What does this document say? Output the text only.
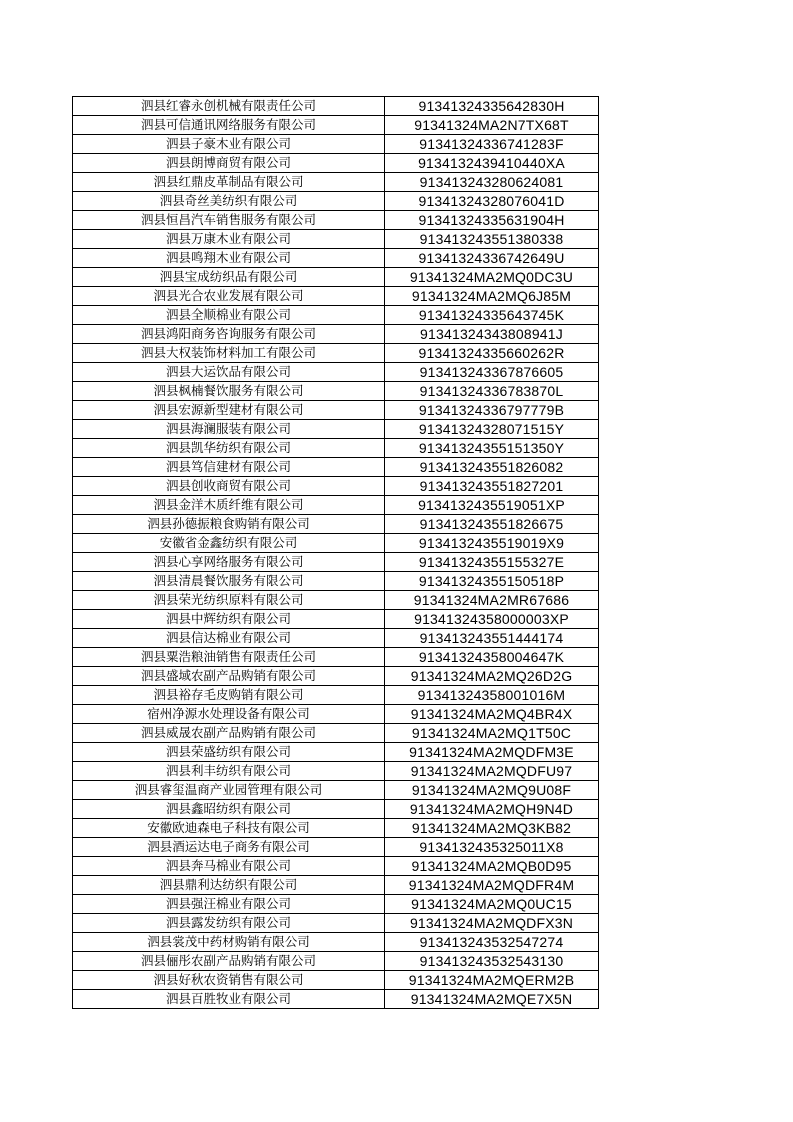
泗县红睿永创机械有限责任公司	91341324335642830H
泗县可信通讯网络服务有限公司	91341324MA2N7TX68T
泗县子豪木业有限公司	91341324336741283F
泗县朗博商贸有限公司	9134132439410440XA
泗县红鼎皮革制品有限公司	913413243280624081
泗县奇丝美纺织有限公司	91341324328076041D
泗县恒昌汽车销售服务有限公司	91341324335631904H
泗县万康木业有限公司	913413243551380338
泗县鸣翔木业有限公司	91341324336742649U
泗县宝成纺织品有限公司	91341324MA2MQ0DC3U
泗县光合农业发展有限公司	91341324MA2MQ6J85M
泗县全顺棉业有限公司	91341324335643745K
泗县鸿阳商务咨询服务有限公司	91341324343808941J
泗县大权装饰材料加工有限公司	91341324335660262R
泗县大运饮品有限公司	913413243367876605
泗县枫楠餐饮服务有限公司	91341324336783870L
泗县宏源新型建材有限公司	91341324336797779B
泗县海澜服装有限公司	91341324328071515Y
泗县凯华纺织有限公司	91341324355151350Y
泗县笃信建材有限公司	913413243551826082
泗县创收商贸有限公司	913413243551827201
泗县金洋木质纤维有限公司	9134132435519051XP
泗县孙德振粮食购销有限公司	913413243551826675
安徽省金鑫纺织有限公司	9134132435519019X9
泗县心享网络服务有限公司	91341324355155327E
泗县清晨餐饮服务有限公司	91341324355150518P
泗县荣光纺织原料有限公司	91341324MA2MR67686
泗县中辉纺织有限公司	91341324358000003XP
泗县信达棉业有限公司	913413243551444174
泗县粟浩粮油销售有限责任公司	91341324358004647K
泗县盛域农副产品购销有限公司	91341324MA2MQ26D2G
泗县裕存毛皮购销有限公司	91341324358001016M
宿州净源水处理设备有限公司	91341324MA2MQ4BR4X
泗县威晟农副产品购销有限公司	91341324MA2MQ1T50C
泗县荣盛纺织有限公司	91341324MA2MQDFM3E
泗县利丰纺织有限公司	91341324MA2MQDFU97
泗县睿玺温商产业园管理有限公司	91341324MA2MQ9U08F
泗县鑫昭纺织有限公司	91341324MA2MQH9N4D
安徽欧迪森电子科技有限公司	91341324MA2MQ3KB82
泗县酒运达电子商务有限公司	9134132435325011X8
泗县奔马棉业有限公司	91341324MA2MQB0D95
泗县鼎利达纺织有限公司	91341324MA2MQDFR4M
泗县强汪棉业有限公司	91341324MA2MQ0UC15
泗县露发纺织有限公司	91341324MA2MQDFX3N
泗县裳茂中药材购销有限公司	913413243532547274
泗县俪彤农副产品购销有限公司	913413243532543130
泗县好秋农资销售有限公司	91341324MA2MQERM2B
泗县百胜牧业有限公司	91341324MA2MQE7X5N
